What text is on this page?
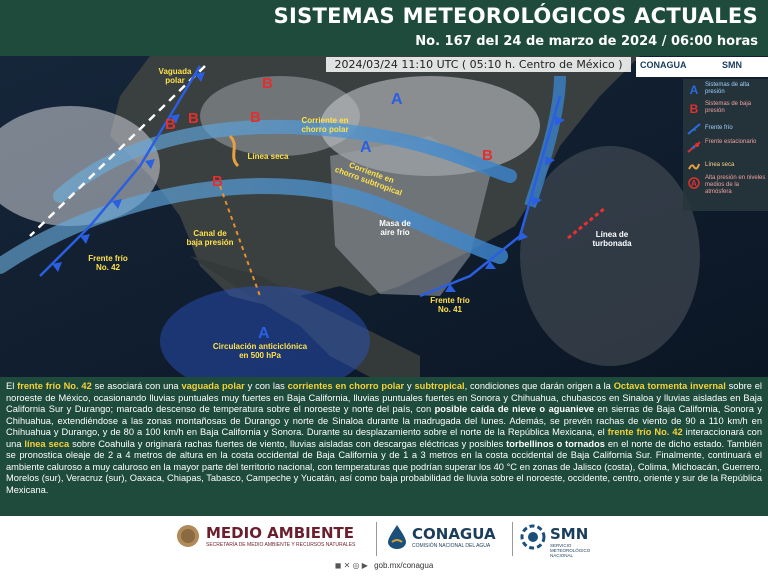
SISTEMAS METEOROLÓGICOS ACTUALES
No. 167 del 24 de marzo de 2024 / 06:00 horas
B
B
B	B
B
B
A
A
A
Vaguada
polar
Corriente en
chorro polar
Línea seca
Corriente en
chorro subtropical
Canal de
baja presión
Masa de
aire frío
Frente frío
No. 42
Frente frío
No. 41
Circulación anticiclónica
en 500 hPa
Línea de
turbonada
2024/03/24 11:10 UTC ( 05:10 h. Centro de México )	CONAGUA	SMN
A	Sistemas de alta presión
B	Sistemas de baja presión
Frente frío
Frente estacionario
Línea seca
A
Alta presión en niveles medios de la atmósfera
El frente frío No. 42 se asociará con una vaguada polar y con las corrientes en chorro polar y subtropical, condiciones que darán origen a la Octava tormenta invernal sobre el noroeste de México, ocasionando lluvias puntuales muy fuertes en Baja California, lluvias puntuales fuertes en Sonora y Chihuahua, chubascos en Sinaloa y lluvias aisladas en Baja California Sur y Durango; marcado descenso de temperatura sobre el noroeste y norte del país, con posible caída de nieve o aguanieve en sierras de Baja California, Sonora y Chihuahua, extendiéndose a las zonas montañosas de Durango y norte de Sinaloa durante la madrugada del lunes. Además, se prevén rachas de viento de 90 a 110 km/h en Chihuahua y Durango, y de 80 a 100 km/h en Baja California y Sonora. Durante su desplazamiento sobre el norte de la República Mexicana, el frente frío No. 42 interaccionará con una línea seca sobre Coahuila y originará rachas fuertes de viento, lluvias aisladas con descargas eléctricas y posibles torbellinos o tornados en el norte de dicho estado. También se pronostica oleaje de 2 a 4 metros de altura en la costa occidental de Baja California y de 1 a 3 metros en la costa occidental de Baja California Sur. Finalmente, continuará el ambiente caluroso a muy caluroso en la mayor parte del territorio nacional, con temperaturas que podrían superar los 40 °C en zonas de Jalisco (costa), Colima, Michoacán, Guerrero, Morelos (sur), Veracruz (sur), Oaxaca, Chiapas, Tabasco, Campeche y Yucatán, así como baja probabilidad de lluvia sobre el noroeste, occidente, centro, oriente y sur de la República Mexicana.
MEDIO AMBIENTE
SECRETARÍA DE MEDIO AMBIENTE Y RECURSOS NATURALES
CONAGUA
COMISIÓN NACIONAL DEL AGUA
SMN
SERVICIO METEOROLÓGICO NACIONAL
◼ ✕ ◎ ▶ gob.mx/conagua
